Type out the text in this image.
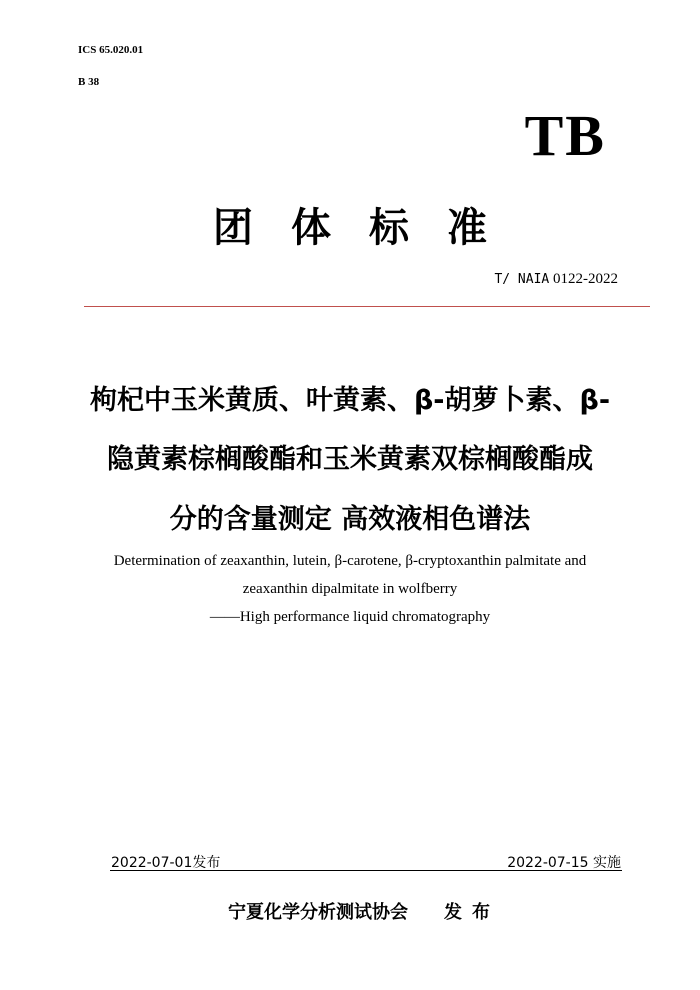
ICS 65.020.01
B 38
TB
团体标准
T/ NAIA 0122-2022
枸杞中玉米黄质、叶黄素、β-胡萝卜素、β-
隐黄素棕榈酸酯和玉米黄素双棕榈酸酯成
分的含量测定 高效液相色谱法
Determination of zeaxanthin, lutein, β-carotene, β-cryptoxanthin palmitate and
zeaxanthin dipalmitate in wolfberry
——High performance liquid chromatography
2022-07-01发布	2022-07-15 实施
宁夏化学分析测试协会 发布
